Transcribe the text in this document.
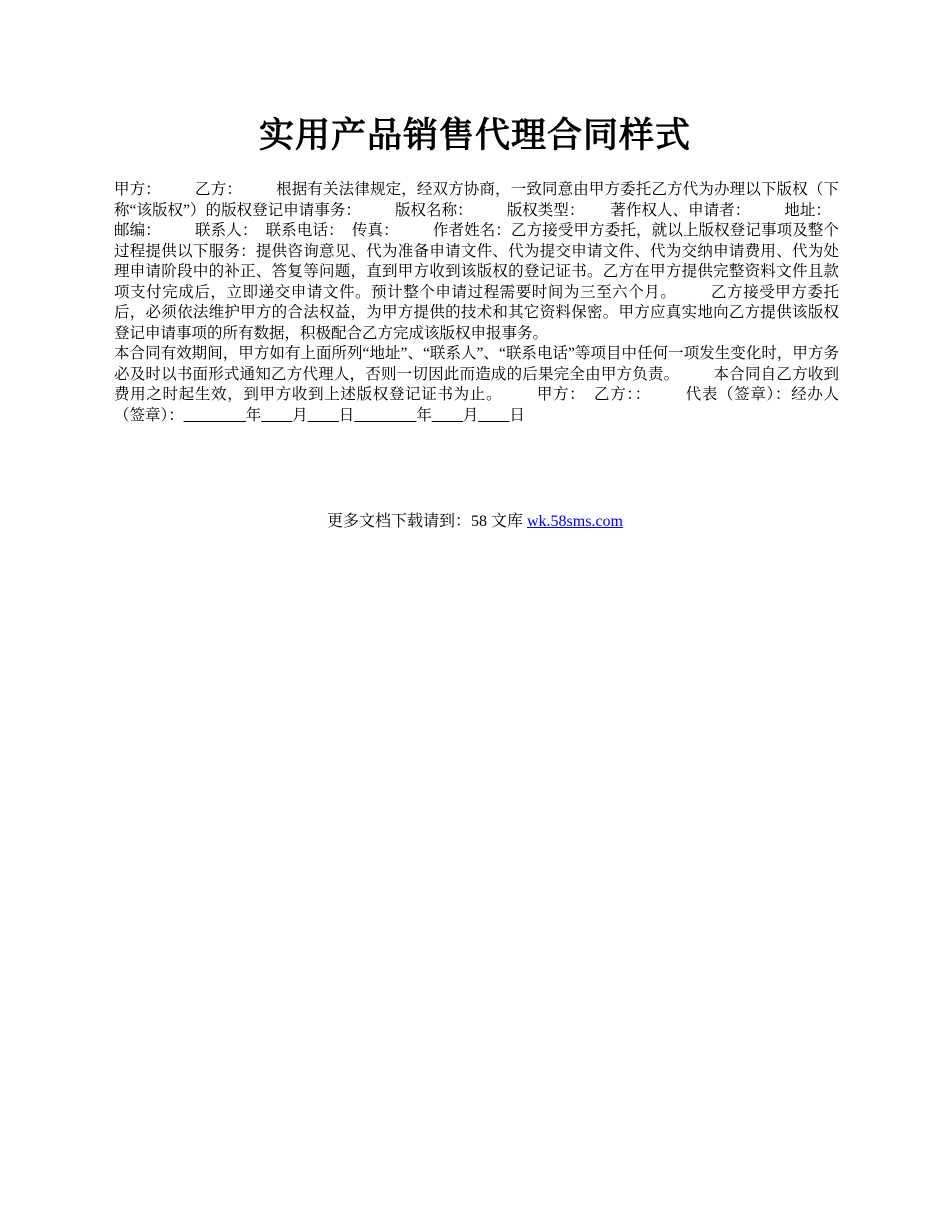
实用产品销售代理合同样式

甲方： 乙方： 根据有关法律规定，经双方协商，一致同意由甲方委托乙方代为办理以下版权（下称“该版权”）的版权登记申请事务： 版权名称： 版权类型： 著作权人、申请者： 地址：邮编： 联系人： 联系电话： 传真： 作者姓名：乙方接受甲方委托，就以上版权登记事项及整个过程提供以下服务：提供咨询意见、代为准备申请文件、代为提交申请文件、代为交纳申请费用、代为处理申请阶段中的补正、答复等问题，直到甲方收到该版权的登记证书。乙方在甲方提供完整资料文件且款项支付完成后，立即递交申请文件。预计整个申请过程需要时间为三至六个月。 乙方接受甲方委托后，必须依法维护甲方的合法权益，为甲方提供的技术和其它资料保密。甲方应真实地向乙方提供该版权登记申请事项的所有数据，积极配合乙方完成该版权申报事务。

本合同有效期间，甲方如有上面所列“地址”、“联系人”、“联系电话”等项目中任何一项发生变化时，甲方务必及时以书面形式通知乙方代理人，否则一切因此而造成的后果完全由甲方负责。 本合同自乙方收到费用之时起生效，到甲方收到上述版权登记证书为止。 甲方： 乙方：： 代表（签章）：经办人（签章）：________年____月____日________年____月____日

更多文档下载请到：58 文库 wk.58sms.com
